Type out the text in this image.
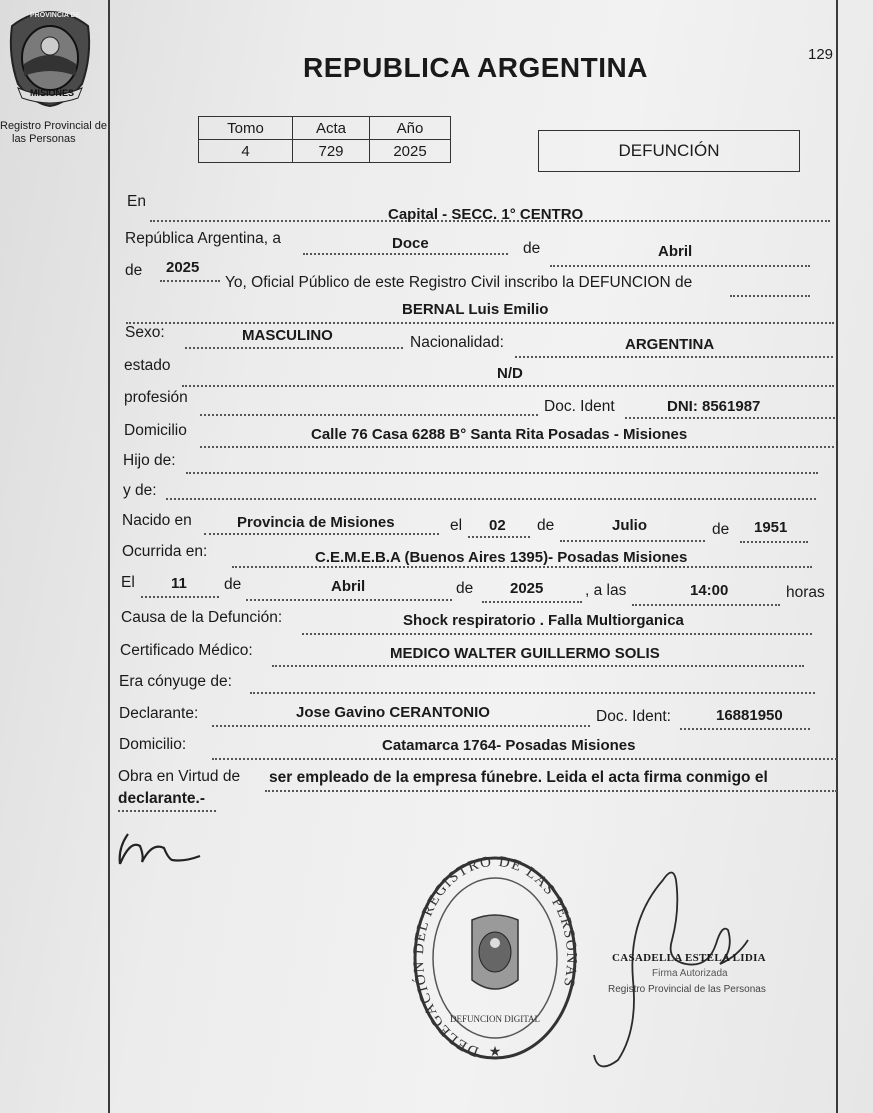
PROVINCIA DE
MISIONES
Registro Provincial de
las Personas
129
REPUBLICA ARGENTINA
Tomo	Acta	Año
4	729	2025	DEFUNCIÓN
En
Capital - SECC. 1° CENTRO
República Argentina, a	Doce	de	Abril
de 2025
Yo, Oficial Público de este Registro Civil inscribo la DEFUNCION de
BERNAL Luis Emilio
Sexo:	MASCULINO	Nacionalidad:	ARGENTINA
estado	N/D
profesión
Doc. Ident	DNI: 8561987
Domicilio	Calle 76 Casa 6288 B° Santa Rita Posadas - Misiones
Hijo de:
y de:
Nacido en	Provincia de Misiones	el 02 de	Julio	de 1951
Ocurrida en:	C.E.M.E.B.A (Buenos Aires 1395)- Posadas Misiones
El 11 de	Abril	de 2025	, a las	14:00	horas
Causa de la Defunción:	Shock respiratorio . Falla Multiorganica
Certificado Médico:	MEDICO WALTER GUILLERMO SOLIS
Era cónyuge de:
Declarante:	Jose Gavino CERANTONIO	Doc. Ident:	16881950
Domicilio:	Catamarca 1764- Posadas Misiones
Obra en Virtud de ser empleado de la empresa fúnebre. Leida el acta firma conmigo el
declarante.-
DELEGACIÓN DEL REGISTRO DE LAS PERSONAS
DEFUNCION DIGITAL
★
CASADELLA ESTELA LIDIA
Firma Autorizada
Registro Provincial de las Personas
